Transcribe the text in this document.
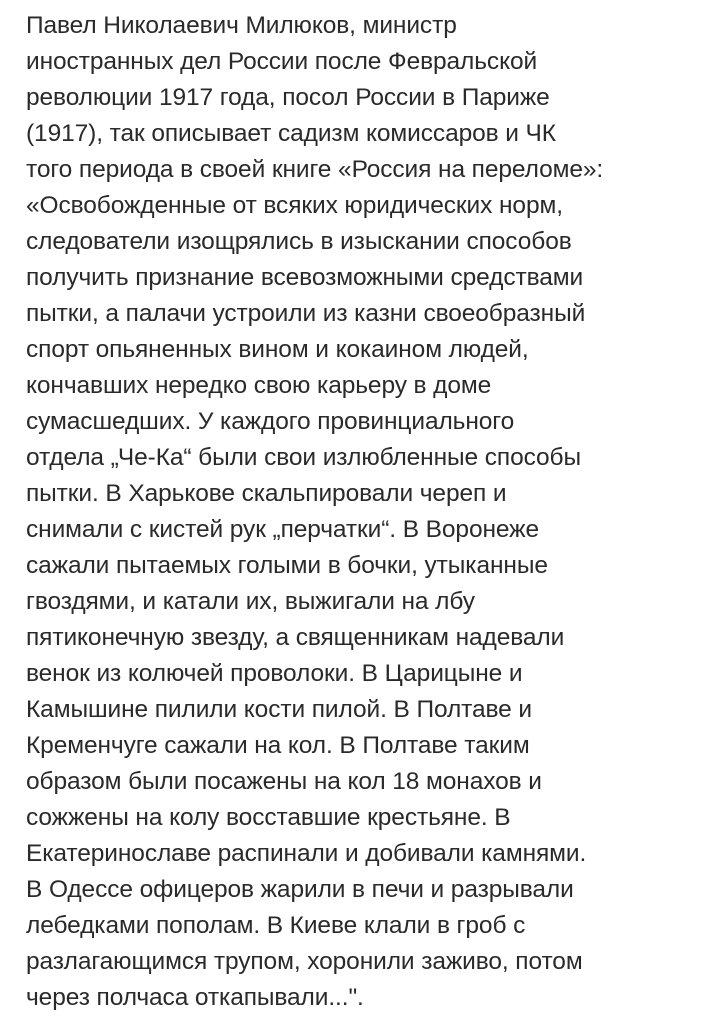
Павел Николаевич Милюков, министр
иностранных дел России после Февральской
революции 1917 года, посол России в Париже
(1917), так описывает садизм комиссаров и ЧК
того периода в своей книге «Россия на переломе»:
«Освобожденные от всяких юридических норм,
следователи изощрялись в изыскании способов
получить признание всевозможными средствами
пытки, а палачи устроили из казни своеобразный
спорт опьяненных вином и кокаином людей,
кончавших нередко свою карьеру в доме
сумасшедших. У каждого провинциального
отдела „Че-Ка“ были свои излюбленные способы
пытки. В Харькове скальпировали череп и
снимали с кистей рук „перчатки“. В Воронеже
сажали пытаемых голыми в бочки, утыканные
гвоздями, и катали их, выжигали на лбу
пятиконечную звезду, а священникам надевали
венок из колючей проволоки. В Царицыне и
Камышине пилили кости пилой. В Полтаве и
Кременчуге сажали на кол. В Полтаве таким
образом были посажены на кол 18 монахов и
сожжены на колу восставшие крестьяне. В
Екатеринославе распинали и добивали камнями.
В Одессе офицеров жарили в печи и разрывали
лебедками пополам. В Киеве клали в гроб с
разлагающимся трупом, хоронили заживо, потом
через полчаса откапывали...".
